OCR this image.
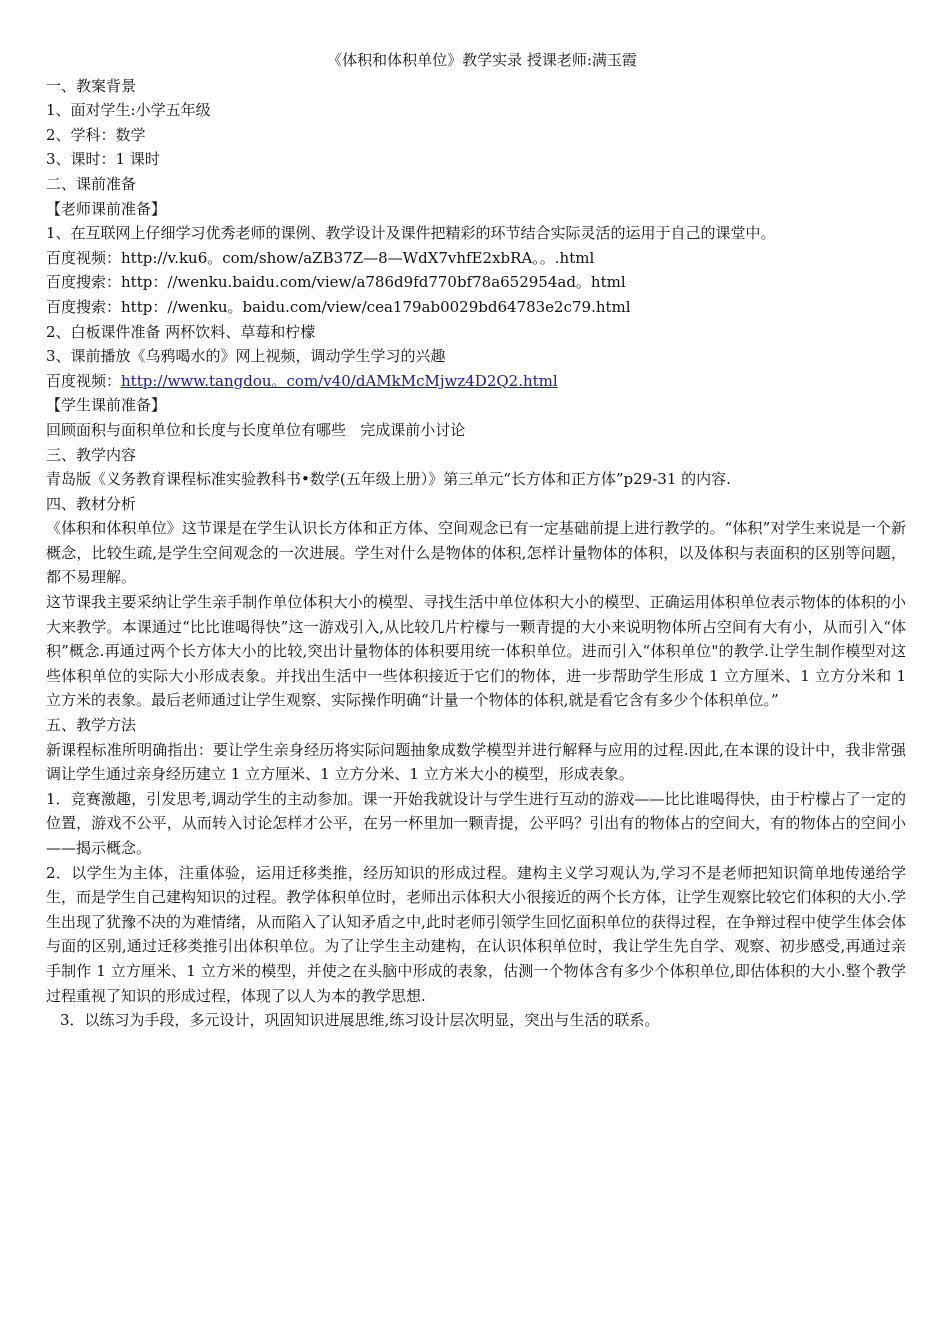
《体积和体积单位》教学实录 授课老师:满玉霞
一、教案背景
1、面对学生:小学五年级
2、学科：数学
3、课时：1 课时
二、课前准备
【老师课前准备】
1、在互联网上仔细学习优秀老师的课例、教学设计及课件把精彩的环节结合实际灵活的运用于自己的课堂中。
百度视频：http://v.ku6。com/show/aZB37Z—8—WdX7vhfE2xbRA。。.html
百度搜索：http：//wenku.baidu.com/view/a786d9fd770bf78a652954ad。html
百度搜索：http：//wenku。baidu.com/view/cea179ab0029bd64783e2c79.html
2、白板课件准备 两杯饮料、草莓和柠檬
3、课前播放《乌鸦喝水的》网上视频，调动学生学习的兴趣
百度视频：http://www.tangdou。com/v40/dAMkMcMjwz4D2Q2.html
【学生课前准备】
回顾面积与面积单位和长度与长度单位有哪些   完成课前小讨论
三、教学内容
青岛版《义务教育课程标准实验教科书•数学(五年级上册）》第三单元“长方体和正方体”p29-31 的内容.
四、教材分析

《体积和体积单位》这节课是在学生认识长方体和正方体、空间观念已有一定基础前提上进行教学的。“体积”对学生来说是一个新概念，比较生疏,是学生空间观念的一次进展。学生对什么是物体的体积,怎样计量物体的体积，以及体积与表面积的区别等问题，都不易理解。

这节课我主要采纳让学生亲手制作单位体积大小的模型、寻找生活中单位体积大小的模型、正确运用体积单位表示物体的体积的小大来教学。本课通过“比比谁喝得快”这一游戏引入,从比较几片柠檬与一颗青提的大小来说明物体所占空间有大有小，从而引入“体积”概念.再通过两个长方体大小的比较,突出计量物体的体积要用统一体积单位。进而引入“体积单位"的教学.让学生制作模型对这些体积单位的实际大小形成表象。并找出生活中一些体积接近于它们的物体，进一步帮助学生形成 1 立方厘米、1 立方分米和 1 立方米的表象。最后老师通过让学生观察、实际操作明确“计量一个物体的体积,就是看它含有多少个体积单位。”

五、教学方法

新课程标准所明确指出：要让学生亲身经历将实际问题抽象成数学模型并进行解释与应用的过程.因此,在本课的设计中，我非常强调让学生通过亲身经历建立 1 立方厘米、1 立方分米、1 立方米大小的模型，形成表象。

1．竞赛激趣，引发思考,调动学生的主动参加。课一开始我就设计与学生进行互动的游戏——比比谁喝得快，由于柠檬占了一定的位置，游戏不公平，从而转入讨论怎样才公平，在另一杯里加一颗青提，公平吗？引出有的物体占的空间大，有的物体占的空间小——揭示概念。

2．以学生为主体，注重体验，运用迁移类推，经历知识的形成过程。建构主义学习观认为,学习不是老师把知识简单地传递给学生，而是学生自己建构知识的过程。教学体积单位时，老师出示体积大小很接近的两个长方体，让学生观察比较它们体积的大小.学生出现了犹豫不决的为难情绪，从而陷入了认知矛盾之中,此时老师引领学生回忆面积单位的获得过程，在争辩过程中使学生体会体与面的区别,通过迁移类推引出体积单位。为了让学生主动建构，在认识体积单位时，我让学生先自学、观察、初步感受,再通过亲手制作 1 立方厘米、1 立方米的模型，并使之在头脑中形成的表象，估测一个物体含有多少个体积单位,即估体积的大小.整个教学过程重视了知识的形成过程，体现了以人为本的教学思想.

3．以练习为手段，多元设计，巩固知识进展思维,练习设计层次明显，突出与生活的联系。
